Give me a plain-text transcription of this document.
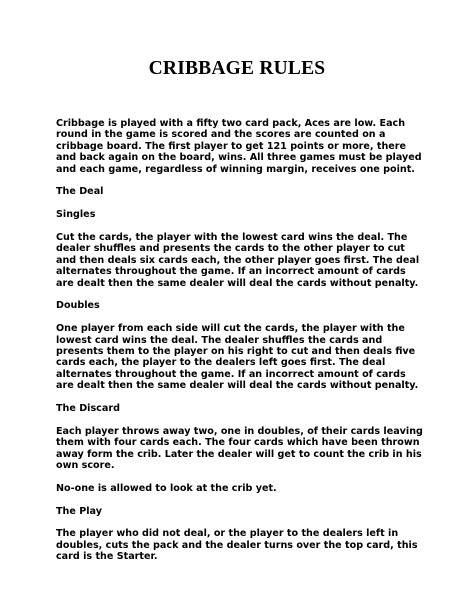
CRIBBAGE RULES

Cribbage is played with a fifty two card pack, Aces are low. Each round in the game is scored and the scores are counted on a cribbage board. The first player to get 121 points or more, there and back again on the board, wins. All three games must be played and each game, regardless of winning margin, receives one point.

The Deal

Singles

Cut the cards, the player with the lowest card wins the deal. The dealer shuffles and presents the cards to the other player to cut and then deals six cards each, the other player goes first. The deal alternates throughout the game. If an incorrect amount of cards are dealt then the same dealer will deal the cards without penalty.

Doubles

One player from each side will cut the cards, the player with the lowest card wins the deal. The dealer shuffles the cards and presents them to the player on his right to cut and then deals five cards each, the player to the dealers left goes first. The deal alternates throughout the game. If an incorrect amount of cards are dealt then the same dealer will deal the cards without penalty.

The Discard

Each player throws away two, one in doubles, of their cards leaving them with four cards each. The four cards which have been thrown away form the crib. Later the dealer will get to count the crib in his own score.

No-one is allowed to look at the crib yet.

The Play

The player who did not deal, or the player to the dealers left in doubles, cuts the pack and the dealer turns over the top card, this card is the Starter.
